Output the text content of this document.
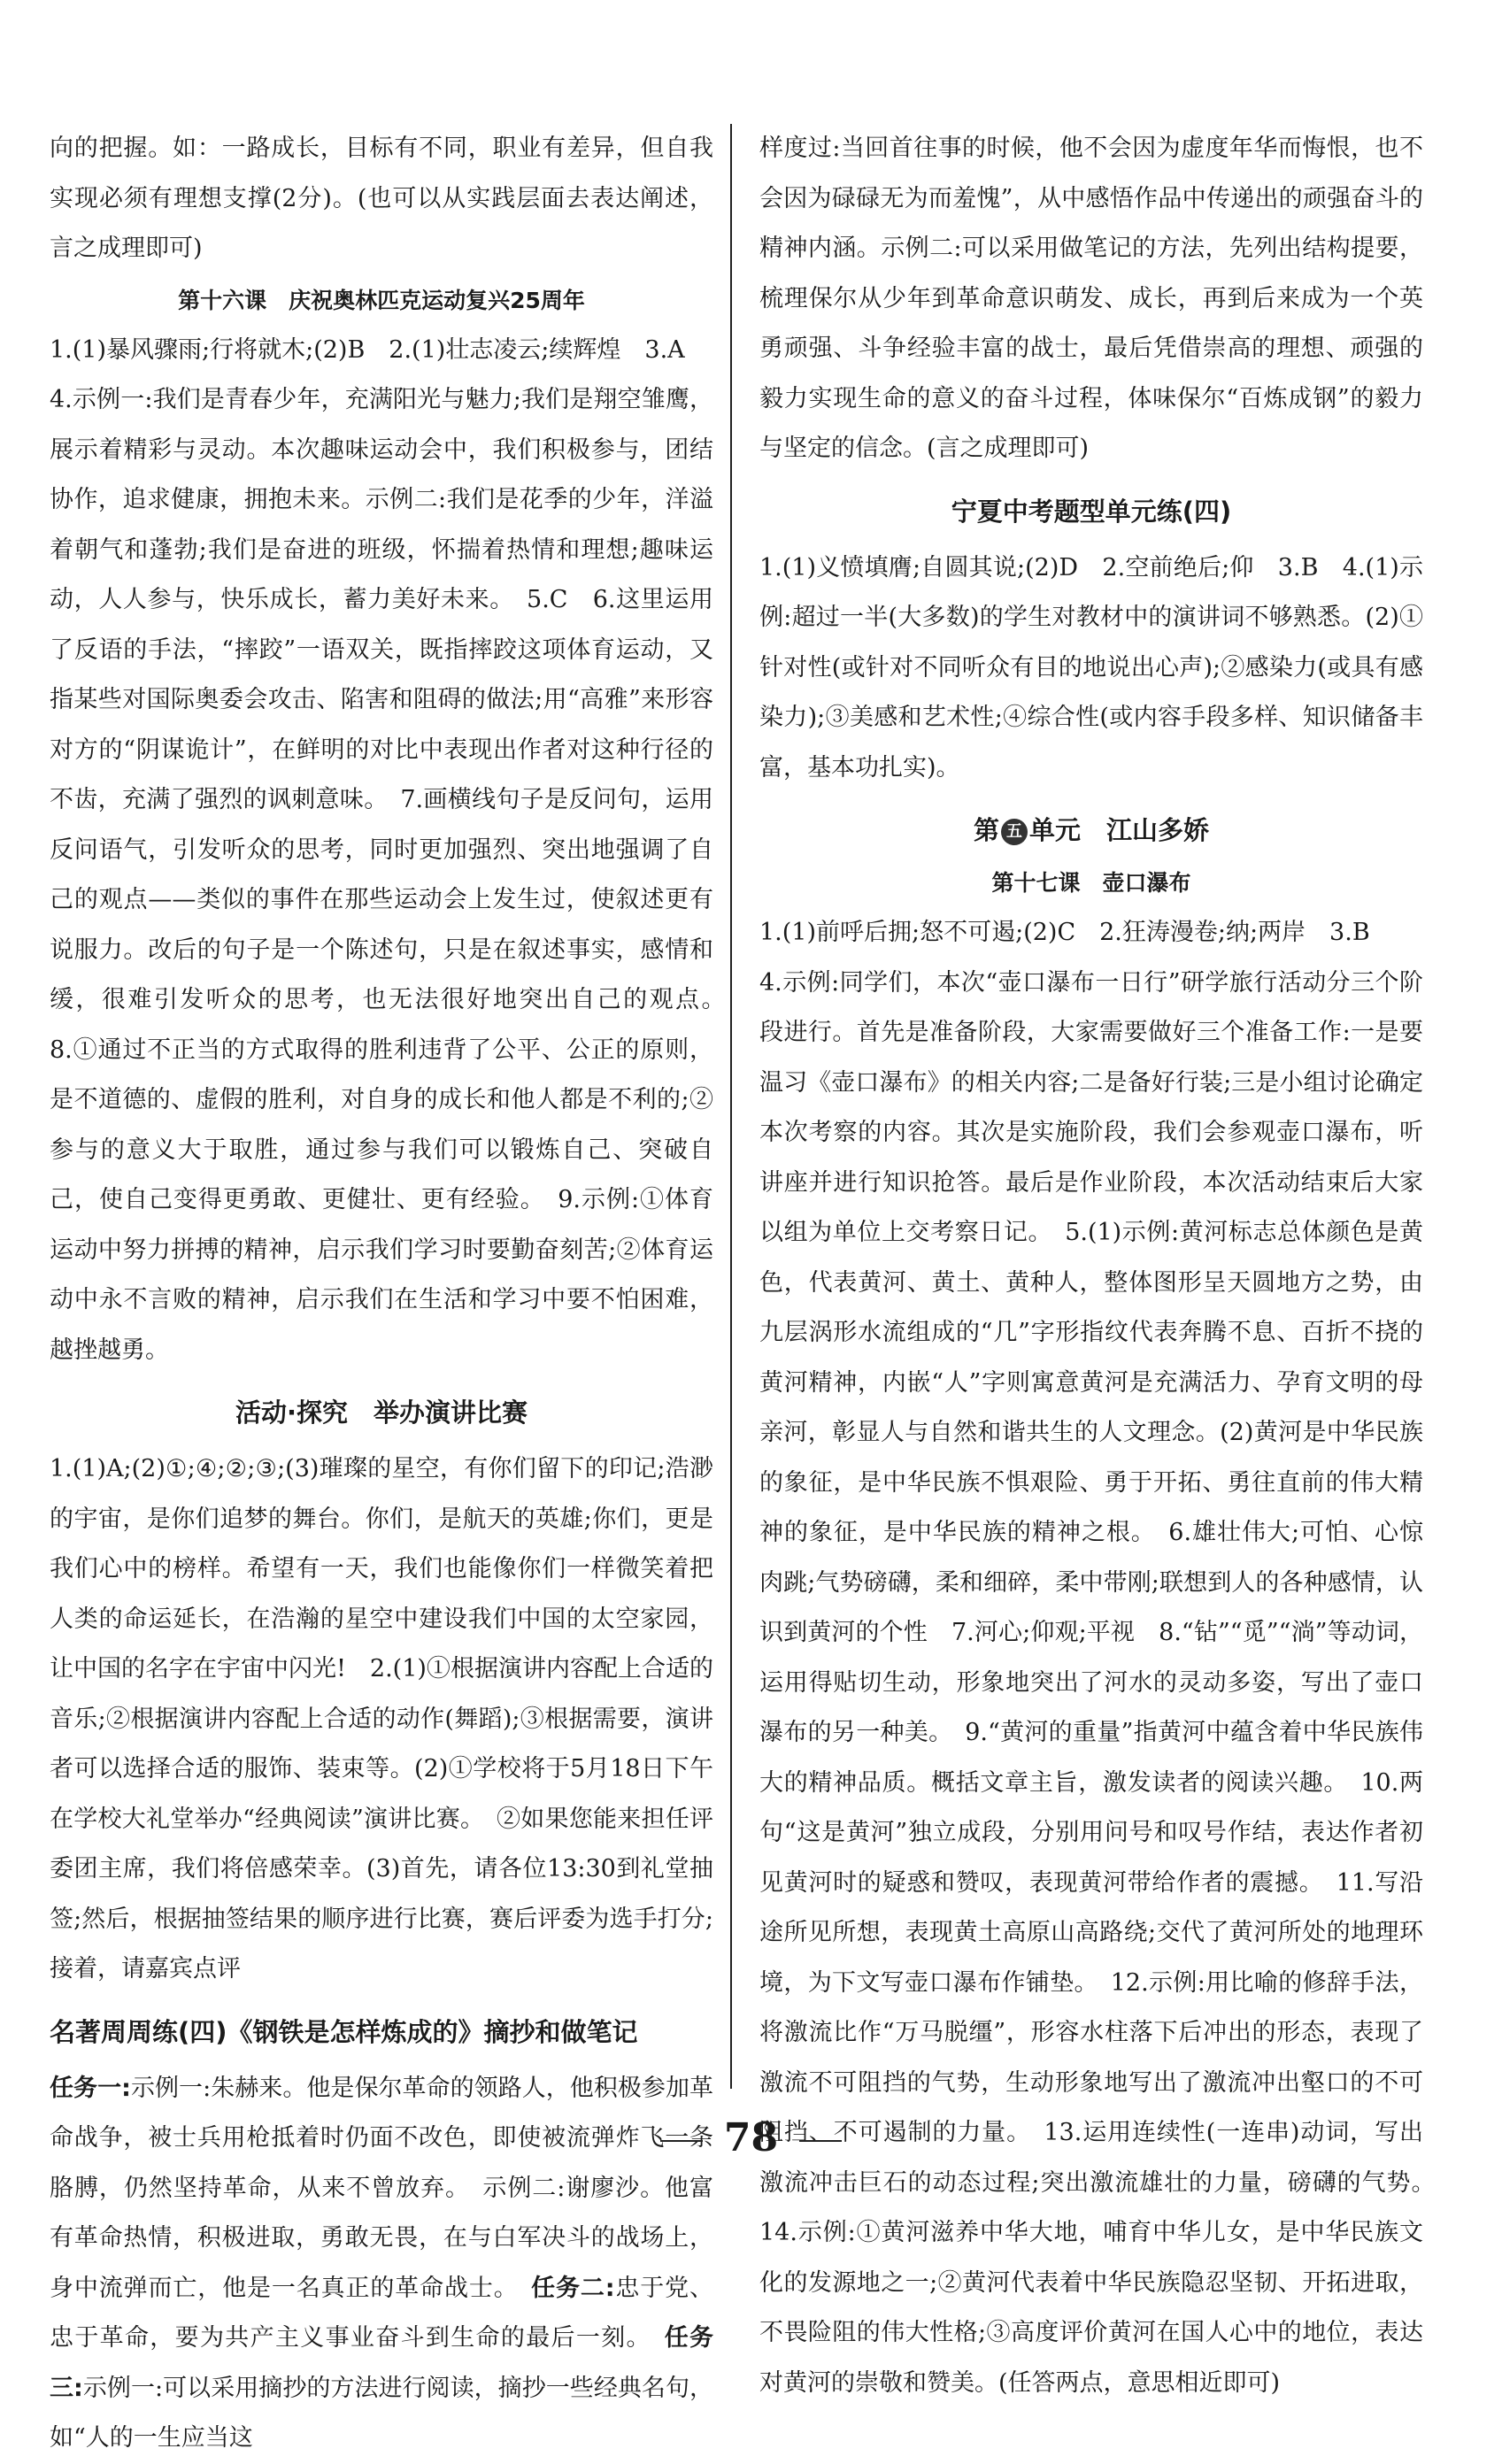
向的把握。如：一路成长，目标有不同，职业有差异，但自我实现必须有理想支撑(2分)。(也可以从实践层面去表达阐述，言之成理即可)

第十六课　庆祝奥林匹克运动复兴25周年

1.(1)暴风骤雨;行将就木;(2)B　2.(1)壮志凌云;续辉煌　3.A

4.示例一:我们是青春少年，充满阳光与魅力;我们是翔空雏鹰，展示着精彩与灵动。本次趣味运动会中，我们积极参与，团结协作，追求健康，拥抱未来。示例二:我们是花季的少年，洋溢着朝气和蓬勃;我们是奋进的班级，怀揣着热情和理想;趣味运动，人人参与，快乐成长，蓄力美好未来。　5.C　6.这里运用了反语的手法，“摔跤”一语双关，既指摔跤这项体育运动，又指某些对国际奥委会攻击、陷害和阻碍的做法;用“高雅”来形容对方的“阴谋诡计”，在鲜明的对比中表现出作者对这种行径的不齿，充满了强烈的讽刺意味。　7.画横线句子是反问句，运用反问语气，引发听众的思考，同时更加强烈、突出地强调了自己的观点——类似的事件在那些运动会上发生过，使叙述更有说服力。改后的句子是一个陈述句，只是在叙述事实，感情和缓，很难引发听众的思考，也无法很好地突出自己的观点。　8.①通过不正当的方式取得的胜利违背了公平、公正的原则，是不道德的、虚假的胜利，对自身的成长和他人都是不利的;②参与的意义大于取胜，通过参与我们可以锻炼自己、突破自己，使自己变得更勇敢、更健壮、更有经验。　9.示例:①体育运动中努力拼搏的精神，启示我们学习时要勤奋刻苦;②体育运动中永不言败的精神，启示我们在生活和学习中要不怕困难，越挫越勇。

活动·探究　举办演讲比赛

1.(1)A;(2)①;④;②;③;(3)璀璨的星空，有你们留下的印记;浩渺的宇宙，是你们追梦的舞台。你们，是航天的英雄;你们，更是我们心中的榜样。希望有一天，我们也能像你们一样微笑着把人类的命运延长，在浩瀚的星空中建设我们中国的太空家园，让中国的名字在宇宙中闪光!　2.(1)①根据演讲内容配上合适的音乐;②根据演讲内容配上合适的动作(舞蹈);③根据需要，演讲者可以选择合适的服饰、装束等。(2)①学校将于5月18日下午在学校大礼堂举办“经典阅读”演讲比赛。　②如果您能来担任评委团主席，我们将倍感荣幸。(3)首先，请各位13:30到礼堂抽签;然后，根据抽签结果的顺序进行比赛，赛后评委为选手打分;接着，请嘉宾点评

名著周周练(四)《钢铁是怎样炼成的》摘抄和做笔记

任务一:示例一:朱赫来。他是保尔革命的领路人，他积极参加革命战争，被士兵用枪抵着时仍面不改色，即使被流弹炸飞一条胳膊，仍然坚持革命，从来不曾放弃。　示例二:谢廖沙。他富有革命热情，积极进取，勇敢无畏，在与白军决斗的战场上，身中流弹而亡，他是一名真正的革命战士。　 任务二:忠于党、忠于革命，要为共产主义事业奋斗到生命的最后一刻。　 任务三:示例一:可以采用摘抄的方法进行阅读，摘抄一些经典名句，如“人的一生应当这

样度过:当回首往事的时候，他不会因为虚度年华而悔恨，也不会因为碌碌无为而羞愧”，从中感悟作品中传递出的顽强奋斗的精神内涵。示例二:可以采用做笔记的方法，先列出结构提要，梳理保尔从少年到革命意识萌发、成长，再到后来成为一个英勇顽强、斗争经验丰富的战士，最后凭借崇高的理想、顽强的毅力实现生命的意义的奋斗过程，体味保尔“百炼成钢”的毅力与坚定的信念。(言之成理即可)

宁夏中考题型单元练(四)

1.(1)义愤填膺;自圆其说;(2)D　2.空前绝后;仰　3.B　4.(1)示例:超过一半(大多数)的学生对教材中的演讲词不够熟悉。(2)①针对性(或针对不同听众有目的地说出心声);②感染力(或具有感染力);③美感和艺术性;④综合性(或内容手段多样、知识储备丰富，基本功扎实)。

第 五 单元　江山多娇
第十七课　壶口瀑布

1.(1)前呼后拥;怒不可遏;(2)C　2.狂涛漫卷;纳;两岸　3.B

4.示例:同学们，本次“壶口瀑布一日行”研学旅行活动分三个阶段进行。首先是准备阶段，大家需要做好三个准备工作:一是要温习《壶口瀑布》的相关内容;二是备好行装;三是小组讨论确定本次考察的内容。其次是实施阶段，我们会参观壶口瀑布，听讲座并进行知识抢答。最后是作业阶段，本次活动结束后大家以组为单位上交考察日记。　5.(1)示例:黄河标志总体颜色是黄色，代表黄河、黄土、黄种人，整体图形呈天圆地方之势，由九层涡形水流组成的“几”字形指纹代表奔腾不息、百折不挠的黄河精神，内嵌“人”字则寓意黄河是充满活力、孕育文明的母亲河，彰显人与自然和谐共生的人文理念。(2)黄河是中华民族的象征，是中华民族不惧艰险、勇于开拓、勇往直前的伟大精神的象征，是中华民族的精神之根。　6.雄壮伟大;可怕、心惊肉跳;气势磅礴，柔和细碎，柔中带刚;联想到人的各种感情，认识到黄河的个性　7.河心;仰观;平视　8.“钻”“觅”“淌”等动词，运用得贴切生动，形象地突出了河水的灵动多姿，写出了壶口瀑布的另一种美。　9.“黄河的重量”指黄河中蕴含着中华民族伟大的精神品质。概括文章主旨，激发读者的阅读兴趣。　10.两句“这是黄河”独立成段，分别用问号和叹号作结，表达作者初见黄河时的疑惑和赞叹，表现黄河带给作者的震撼。　11.写沿途所见所想，表现黄土高原山高路绕;交代了黄河所处的地理环境，为下文写壶口瀑布作铺垫。　12.示例:用比喻的修辞手法，将激流比作“万马脱缰”，形容水柱落下后冲出的形态，表现了激流不可阻挡的气势，生动形象地写出了激流冲出壑口的不可阻挡、不可遏制的力量。　13.运用连续性(一连串)动词，写出激流冲击巨石的动态过程;突出激流雄壮的力量，磅礴的气势。　14.示例:①黄河滋养中华大地，哺育中华儿女，是中华民族文化的发源地之一;②黄河代表着中华民族隐忍坚韧、开拓进取，不畏险阻的伟大性格;③高度评价黄河在国人心中的地位，表达对黄河的崇敬和赞美。(任答两点，意思相近即可)

78
